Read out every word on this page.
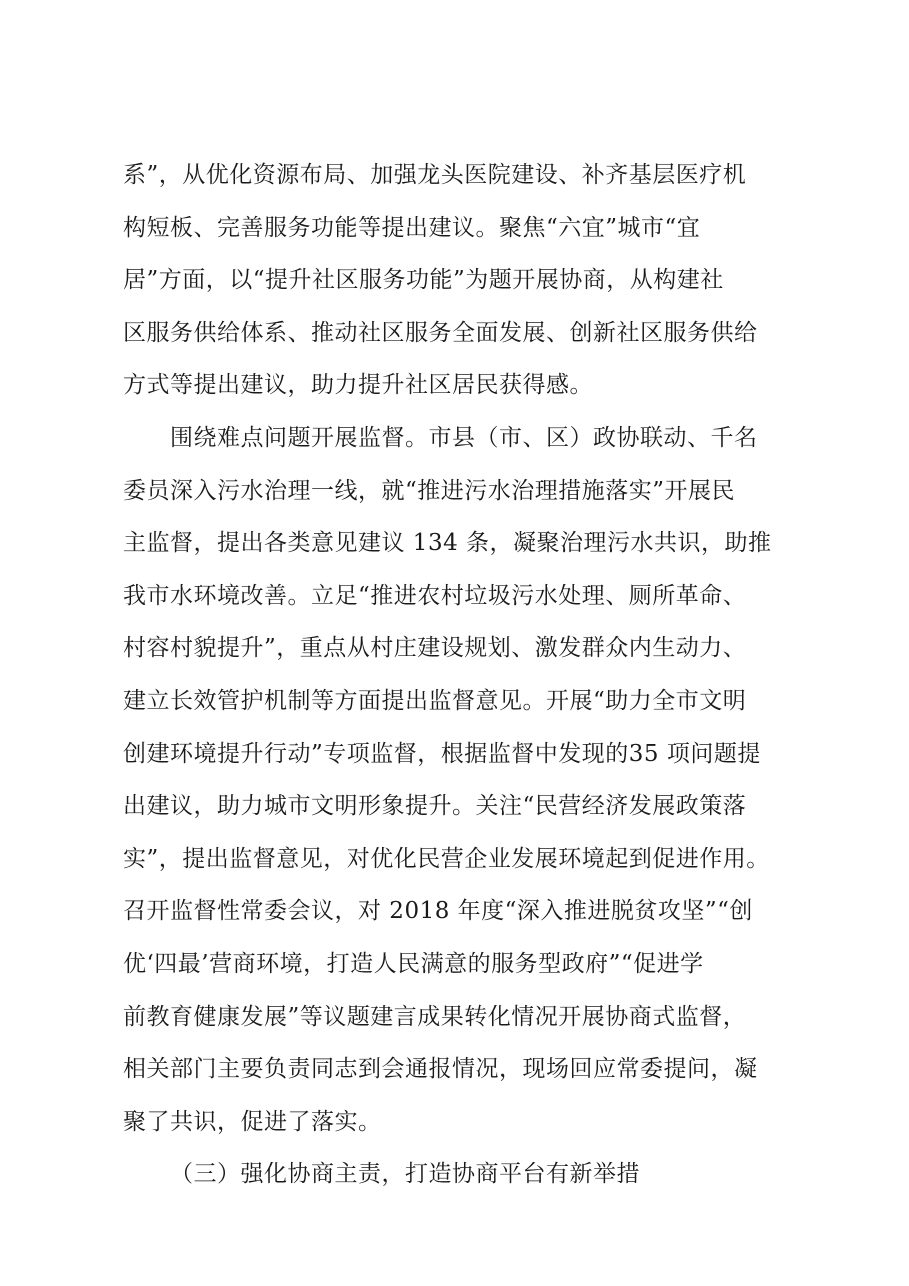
系”，从优化资源布局、加强龙头医院建设、补齐基层医疗机
构短板、完善服务功能等提出建议。聚焦“六宜”城市“宜
居”方面，以“提升社区服务功能”为题开展协商，从构建社
区服务供给体系、推动社区服务全面发展、创新社区服务供给
方式等提出建议，助力提升社区居民获得感。
围绕难点问题开展监督。市县（市、区）政协联动、千名
委员深入污水治理一线，就“推进污水治理措施落实”开展民
主监督，提出各类意见建议 134 条，凝聚治理污水共识，助推
我市水环境改善。立足“推进农村垃圾污水处理、厕所革命、
村容村貌提升”，重点从村庄建设规划、激发群众内生动力、
建立长效管护机制等方面提出监督意见。开展“助力全市文明
创建环境提升行动”专项监督，根据监督中发现的35 项问题提
出建议，助力城市文明形象提升。关注“民营经济发展政策落
实”，提出监督意见，对优化民营企业发展环境起到促进作用。
召开监督性常委会议，对 2018 年度“深入推进脱贫攻坚”“创
优‘四最’营商环境，打造人民满意的服务型政府”“促进学
前教育健康发展”等议题建言成果转化情况开展协商式监督，
相关部门主要负责同志到会通报情况，现场回应常委提问，凝
聚了共识，促进了落实。
（三）强化协商主责，打造协商平台有新举措
